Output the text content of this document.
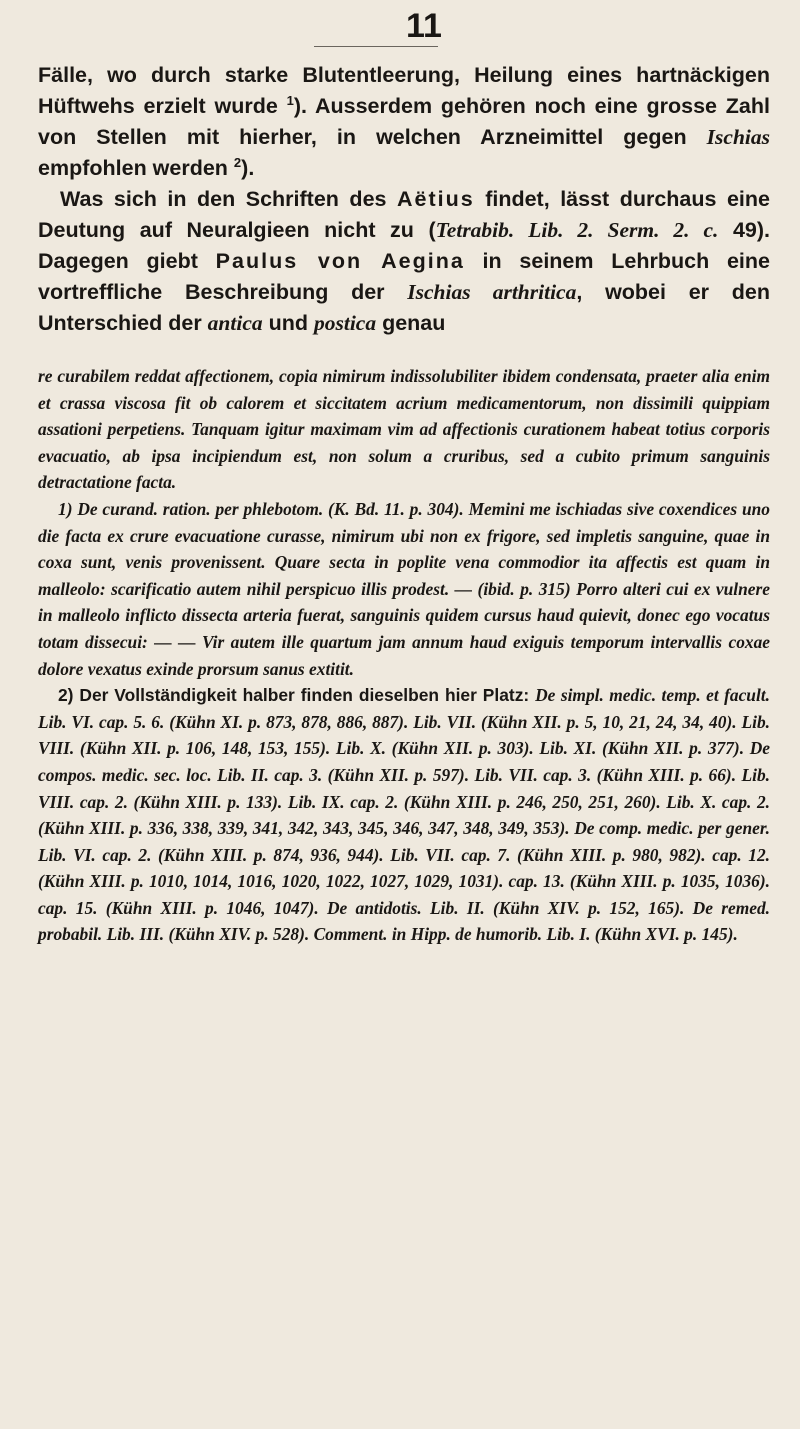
11

Fälle, wo durch starke Blutentleerung, Heilung eines hartnäckigen Hüftwehs erzielt wurde $^1$). Ausserdem gehören noch eine grosse Zahl von Stellen mit hierher, in welchen Arzneimittel gegen Ischias empfohlen werden $^2$).

Was sich in den Schriften des Aëtius findet, lässt durchaus eine Deutung auf Neuralgieen nicht zu (Tetrabib. Lib. 2. Serm. 2. c. 49). Dagegen giebt Paulus von Aegina in seinem Lehrbuch eine vortreffliche Beschreibung der Ischias arthritica, wobei er den Unterschied der antica und postica genau

re curabilem reddat affectionem, copia nimirum indissolubiliter ibidem condensata, praeter alia enim et crassa viscosa fit ob calorem et siccitatem acrium medicamentorum, non dissimili quippiam assationi perpetiens. Tanquam igitur maximam vim ad affectionis curationem habeat totius corporis evacuatio, ab ipsa incipiendum est, non solum a cruribus, sed a cubito primum sanguinis detractatione facta.

1) De curand. ration. per phlebotom. (K. Bd. 11. p. 304). Memini me ischiadas sive coxendices uno die facta ex crure evacuatione curasse, nimirum ubi non ex frigore, sed impletis sanguine, quae in coxa sunt, venis provenissent. Quare secta in poplite vena commodior ita affectis est quam in malleolo: scarificatio autem nihil perspicuo illis prodest. — (ibid. p. 315) Porro alteri cui ex vulnere in malleolo inflicto dissecta arteria fuerat, sanguinis quidem cursus haud quievit, donec ego vocatus totam dissecui: — — Vir autem ille quartum jam annum haud exiguis temporum intervallis coxae dolore vexatus exinde prorsum sanus extitit.

2) Der Vollständigkeit halber finden dieselben hier Platz: De simpl. medic. temp. et facult. Lib. VI. cap. 5. 6. (Kühn XI. p. 873, 878, 886, 887). Lib. VII. (Kühn XII. p. 5, 10, 21, 24, 34, 40). Lib. VIII. (Kühn XII. p. 106, 148, 153, 155). Lib. X. (Kühn XII. p. 303). Lib. XI. (Kühn XII. p. 377). De compos. medic. sec. loc. Lib. II. cap. 3. (Kühn XII. p. 597). Lib. VII. cap. 3. (Kühn XIII. p. 66). Lib. VIII. cap. 2. (Kühn XIII. p. 133). Lib. IX. cap. 2. (Kühn XIII. p. 246, 250, 251, 260). Lib. X. cap. 2. (Kühn XIII. p. 336, 338, 339, 341, 342, 343, 345, 346, 347, 348, 349, 353). De comp. medic. per gener. Lib. VI. cap. 2. (Kühn XIII. p. 874, 936, 944). Lib. VII. cap. 7. (Kühn XIII. p. 980, 982). cap. 12. (Kühn XIII. p. 1010, 1014, 1016, 1020, 1022, 1027, 1029, 1031). cap. 13. (Kühn XIII. p. 1035, 1036). cap. 15. (Kühn XIII. p. 1046, 1047). De antidotis. Lib. II. (Kühn XIV. p. 152, 165). De remed. probabil. Lib. III. (Kühn XIV. p. 528). Comment. in Hipp. de humorib. Lib. I. (Kühn XVI. p. 145).
